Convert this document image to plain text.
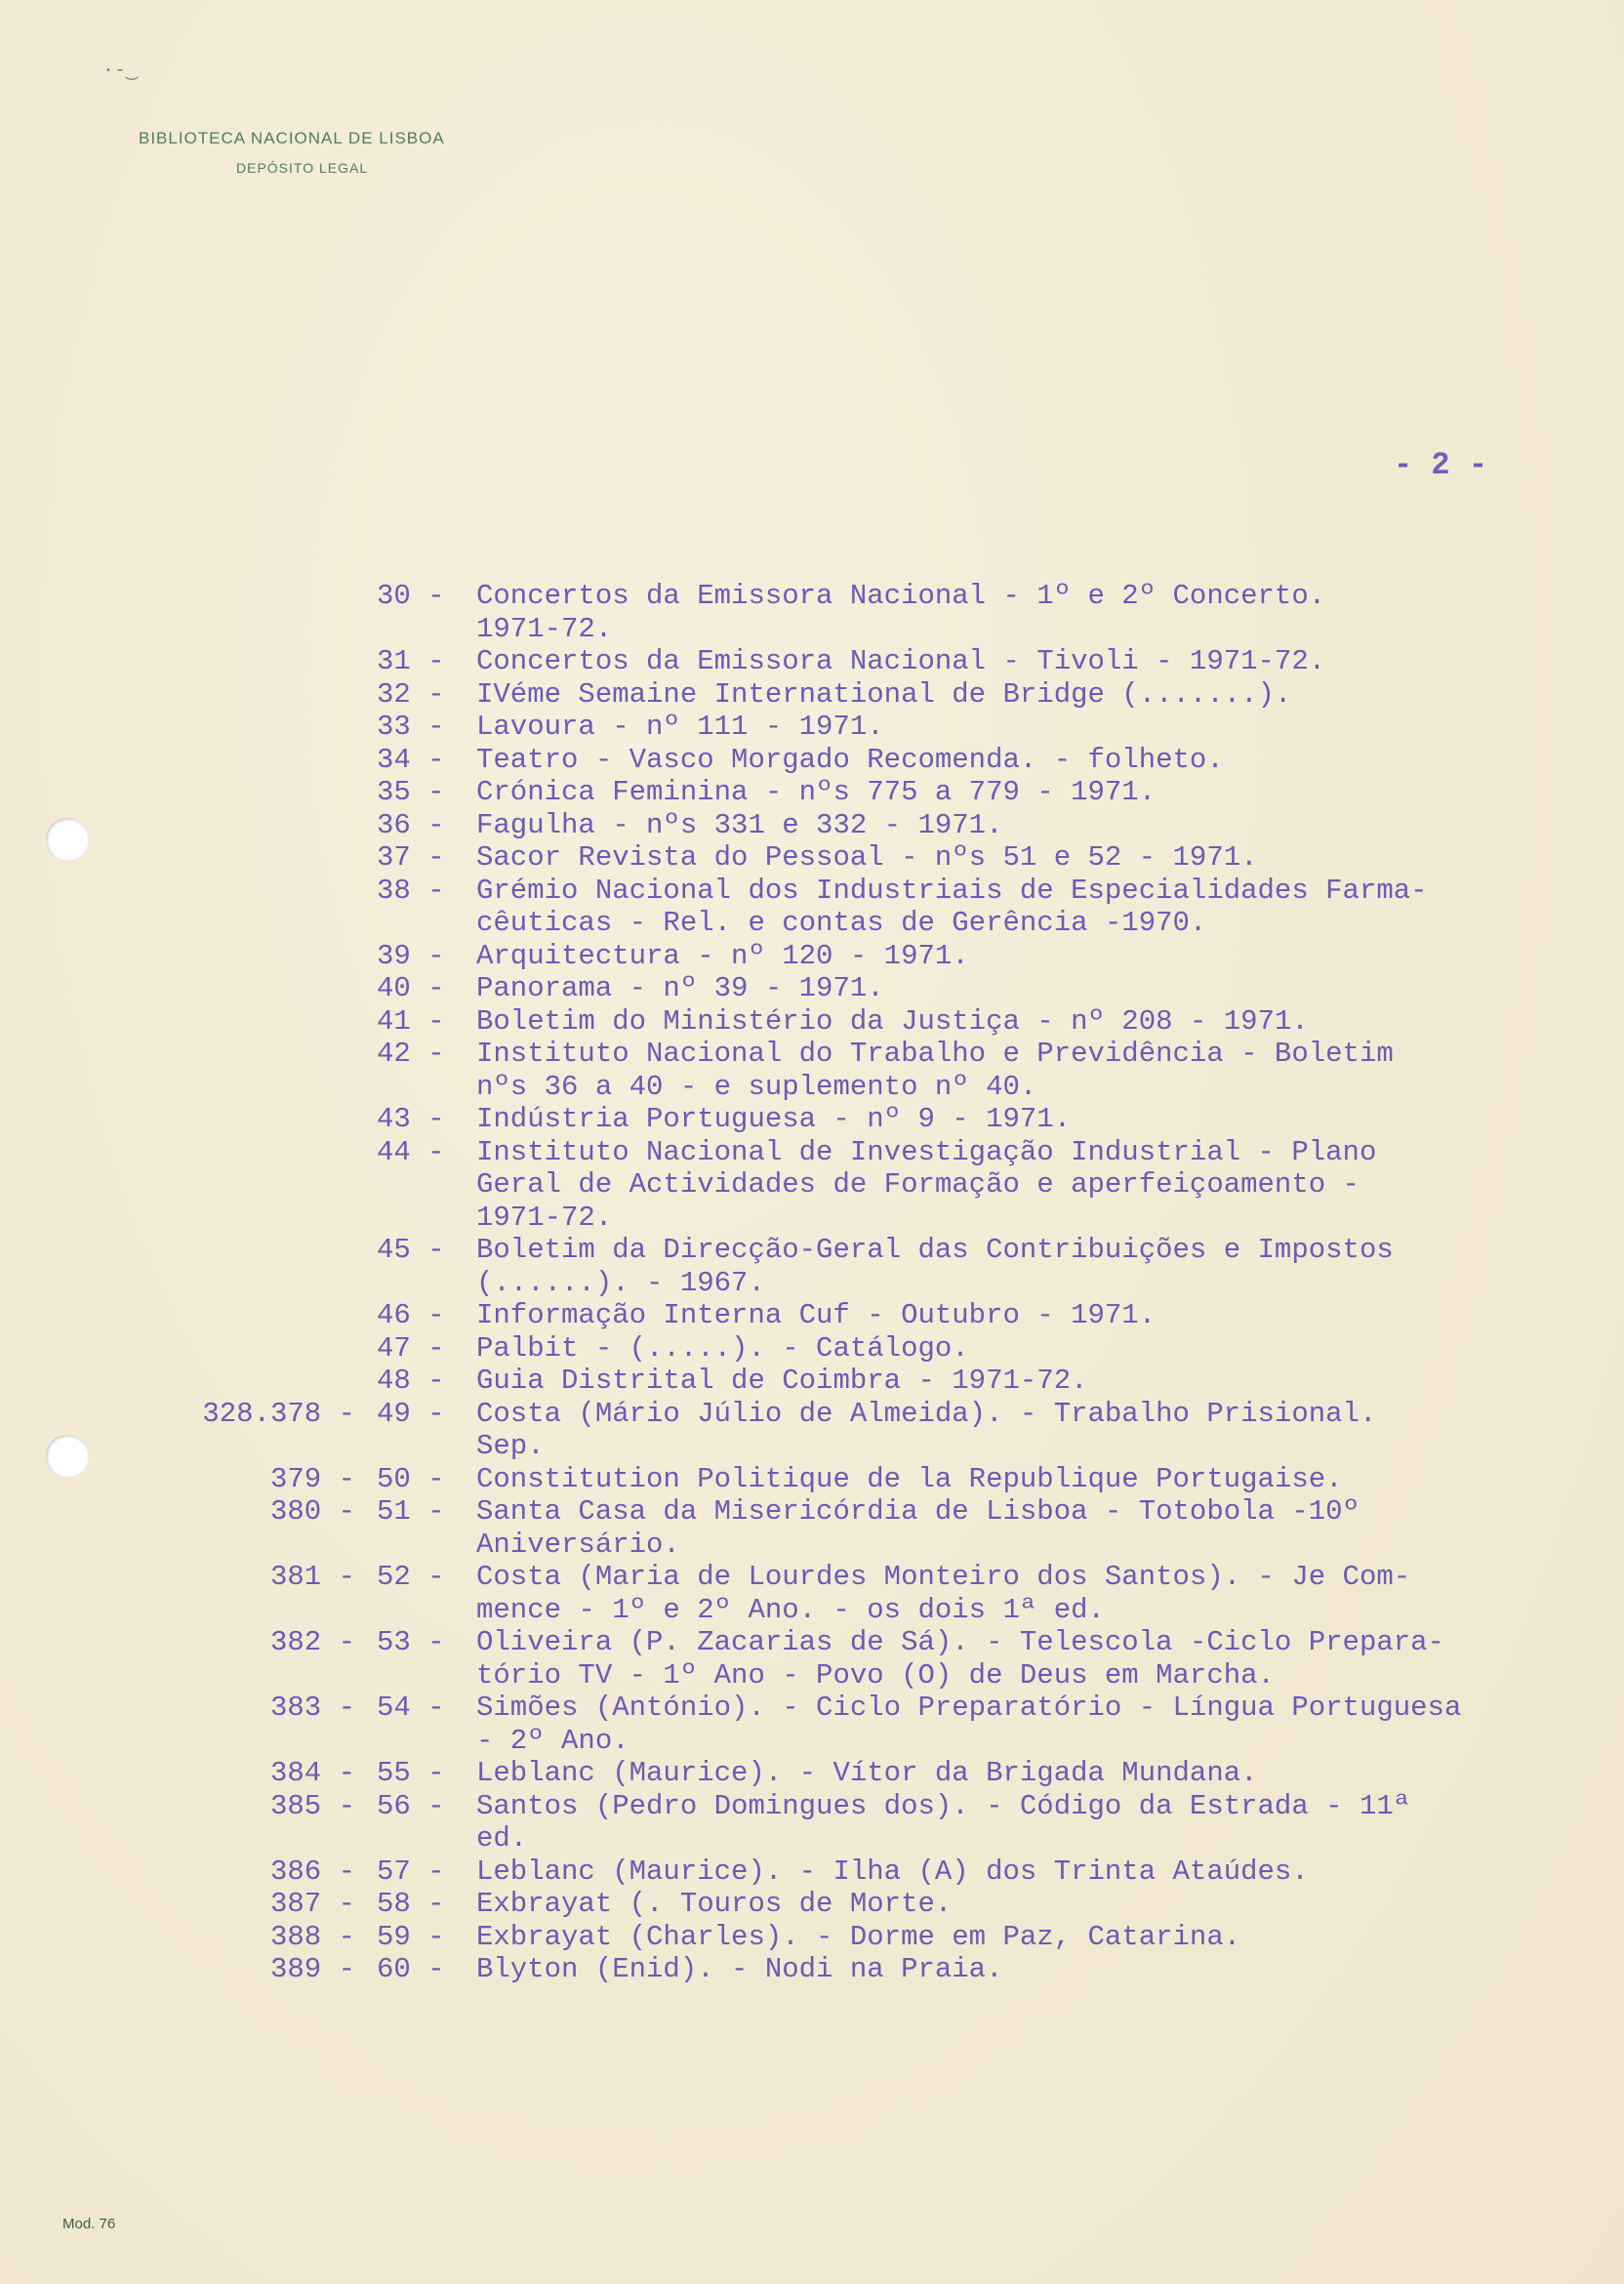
·-‿
BIBLIOTECA NACIONAL DE LISBOA
DEPÓSITO LEGAL
- 2 -
30 - Concertos da Emissora Nacional - 1º e 2º Concerto.
1971-72.
31 - Concertos da Emissora Nacional - Tivoli - 1971-72.
32 - IVéme Semaine International de Bridge (.......).
33 - Lavoura - nº 111 - 1971.
34 - Teatro - Vasco Morgado Recomenda. - folheto.
35 - Crónica Feminina - nºs 775 a 779 - 1971.
36 - Fagulha - nºs 331 e 332 - 1971.
37 - Sacor Revista do Pessoal - nºs 51 e 52 - 1971.
38 - Grémio Nacional dos Industriais de Especialidades Farma-
cêuticas - Rel. e contas de Gerência -1970.
39 - Arquitectura - nº 120 - 1971.
40 - Panorama - nº 39 - 1971.
41 - Boletim do Ministério da Justiça - nº 208 - 1971.
42 - Instituto Nacional do Trabalho e Previdência - Boletim
nºs 36 a 40 - e suplemento nº 40.
43 - Indústria Portuguesa - nº 9 - 1971.
44 - Instituto Nacional de Investigação Industrial - Plano
Geral de Actividades de Formação e aperfeiçoamento -
1971-72.
45 - Boletim da Direcção-Geral das Contribuições e Impostos
(......). - 1967.
46 - Informação Interna Cuf - Outubro - 1971.
47 - Palbit - (.....). - Catálogo.
48 - Guia Distrital de Coimbra - 1971-72.
328.378 - 49 - Costa (Mário Júlio de Almeida). - Trabalho Prisional.
Sep.
379 - 50 - Constitution Politique de la Republique Portugaise.
380 - 51 - Santa Casa da Misericórdia de Lisboa - Totobola -10º
Aniversário.
381 - 52 - Costa (Maria de Lourdes Monteiro dos Santos). - Je Com-
mence - 1º e 2º Ano. - os dois 1ª ed.
382 - 53 - Oliveira (P. Zacarias de Sá). - Telescola -Ciclo Prepara-
tório TV - 1º Ano - Povo (O) de Deus em Marcha.
383 - 54 - Simões (António). - Ciclo Preparatório - Língua Portuguesa
- 2º Ano.
384 - 55 - Leblanc (Maurice). - Vítor da Brigada Mundana.
385 - 56 - Santos (Pedro Domingues dos). - Código da Estrada - 11ª
ed.
386 - 57 - Leblanc (Maurice). - Ilha (A) dos Trinta Ataúdes.
387 - 58 - Exbrayat (. Touros de Morte.
388 - 59 - Exbrayat (Charles). - Dorme em Paz, Catarina.
389 - 60 - Blyton (Enid). - Nodi na Praia.
Mod. 76
